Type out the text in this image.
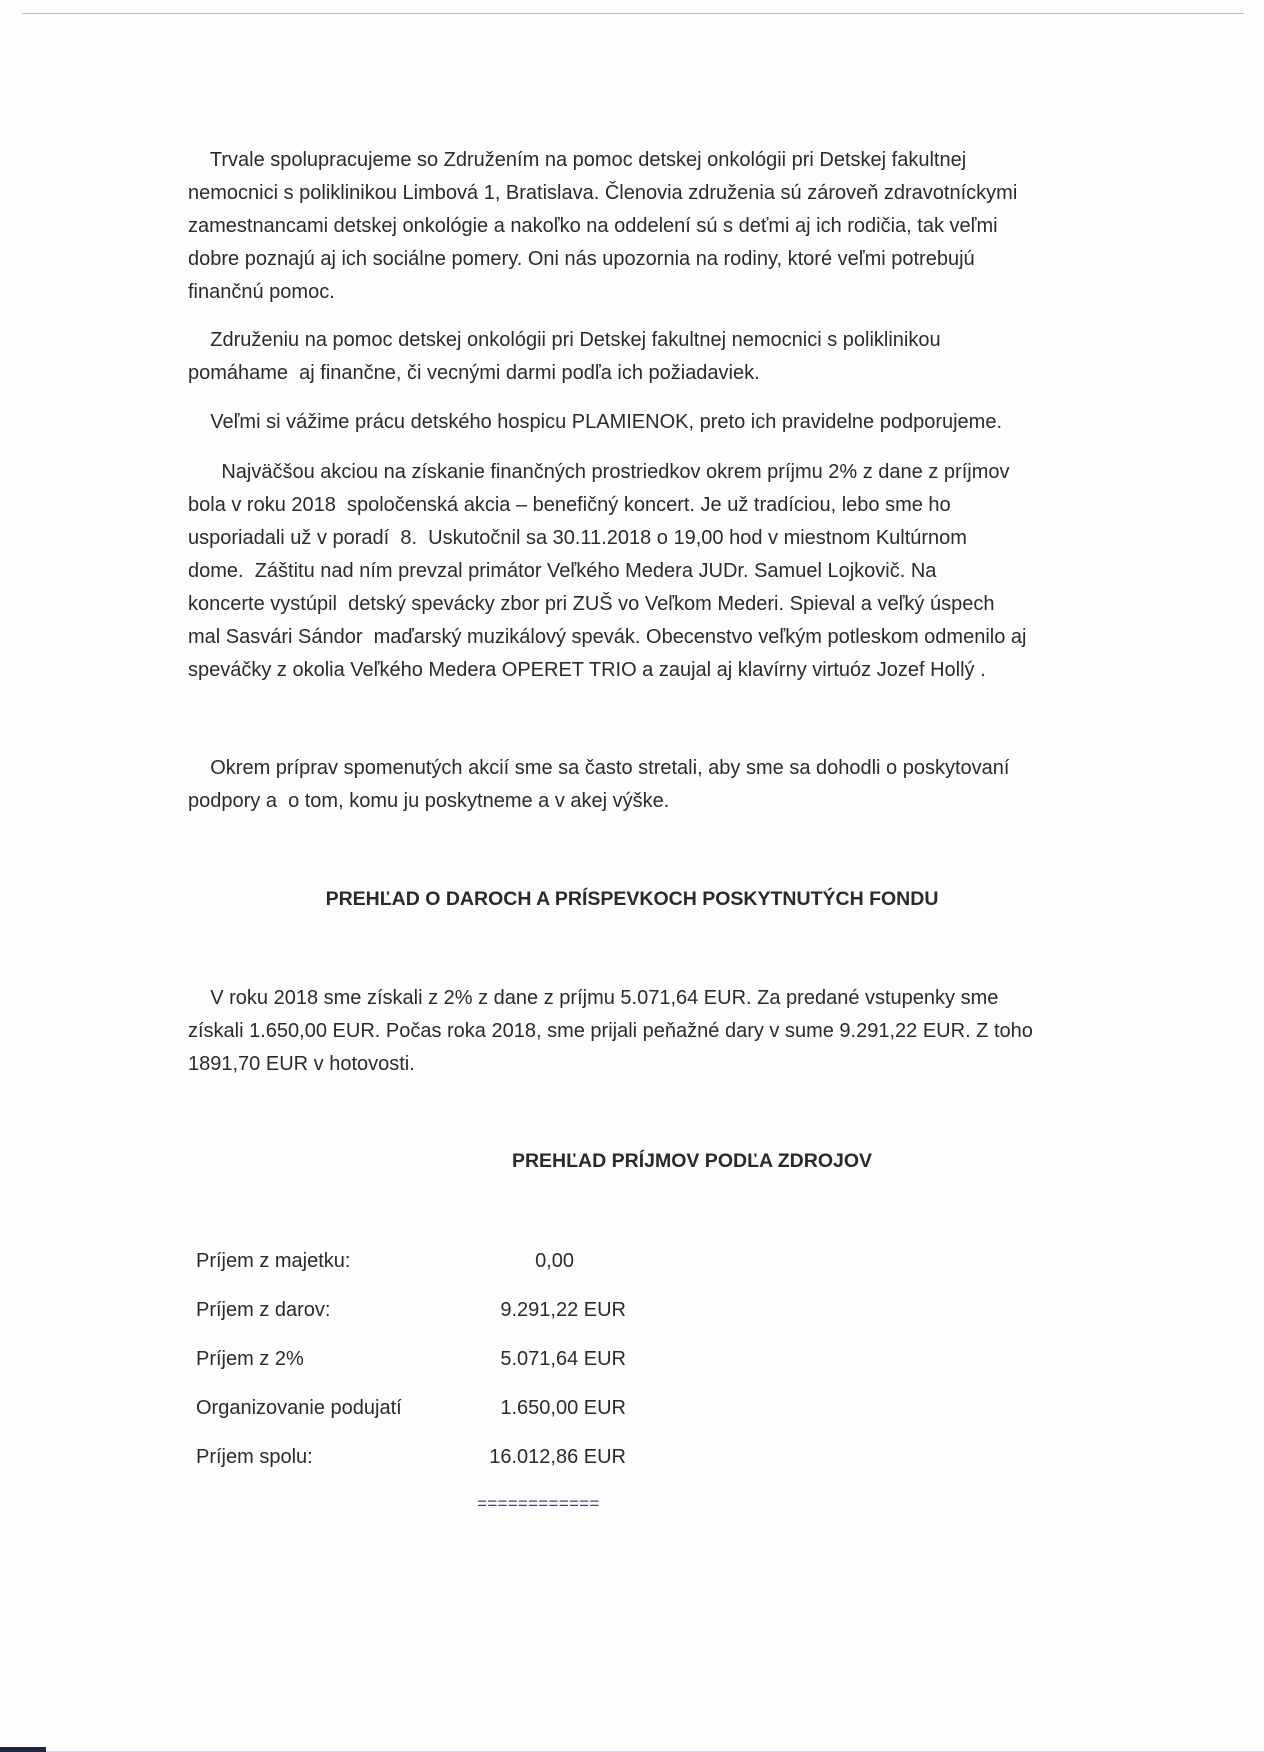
Trvale spolupracujeme so Združením na pomoc detskej onkológii pri Detskej fakultnej
nemocnici s poliklinikou Limbová 1, Bratislava. Členovia združenia sú zároveň zdravotníckymi
zamestnancami detskej onkológie a nakoľko na oddelení sú s deťmi aj ich rodičia, tak veľmi
dobre poznajú aj ich sociálne pomery. Oni nás upozornia na rodiny, ktoré veľmi potrebujú
finančnú pomoc.
Združeniu na pomoc detskej onkológii pri Detskej fakultnej nemocnici s poliklinikou
pomáhame  aj finančne, či vecnými darmi podľa ich požiadaviek.
Veľmi si vážime prácu detského hospicu PLAMIENOK, preto ich pravidelne podporujeme.
Najväčšou akciou na získanie finančných prostriedkov okrem príjmu 2% z dane z príjmov
bola v roku 2018  spoločenská akcia – benefičný koncert. Je už tradíciou, lebo sme ho
usporiadali už v poradí  8.  Uskutočnil sa 30.11.2018 o 19,00 hod v miestnom Kultúrnom
dome.  Záštitu nad ním prevzal primátor Veľkého Medera JUDr. Samuel Lojkovič. Na
koncerte vystúpil  detský spevácky zbor pri ZUŠ vo Veľkom Mederi. Spieval a veľký úspech
mal Sasvári Sándor  maďarský muzikálový spevák. Obecenstvo veľkým potleskom odmenilo aj
speváčky z okolia Veľkého Medera OPERET TRIO a zaujal aj klavírny virtuóz Jozef Hollý .
Okrem príprav spomenutých akcií sme sa často stretali, aby sme sa dohodli o poskytovaní
podpory a  o tom, komu ju poskytneme a v akej výške.
PREHĽAD O DAROCH A PRÍSPEVKOCH POSKYTNUTÝCH FONDU
V roku 2018 sme získali z 2% z dane z príjmu 5.071,64 EUR. Za predané vstupenky sme
získali 1.650,00 EUR. Počas roka 2018, sme prijali peňažné dary v sume 9.291,22 EUR. Z toho
1891,70 EUR v hotovosti.
PREHĽAD PRÍJMOV PODĽA ZDROJOV
Príjem z majetku:	0,00
Príjem z darov:	9.291,22 EUR
Príjem z 2%	5.071,64 EUR
Organizovanie podujatí	1.650,00 EUR
Príjem spolu:	16.012,86 EUR
============
